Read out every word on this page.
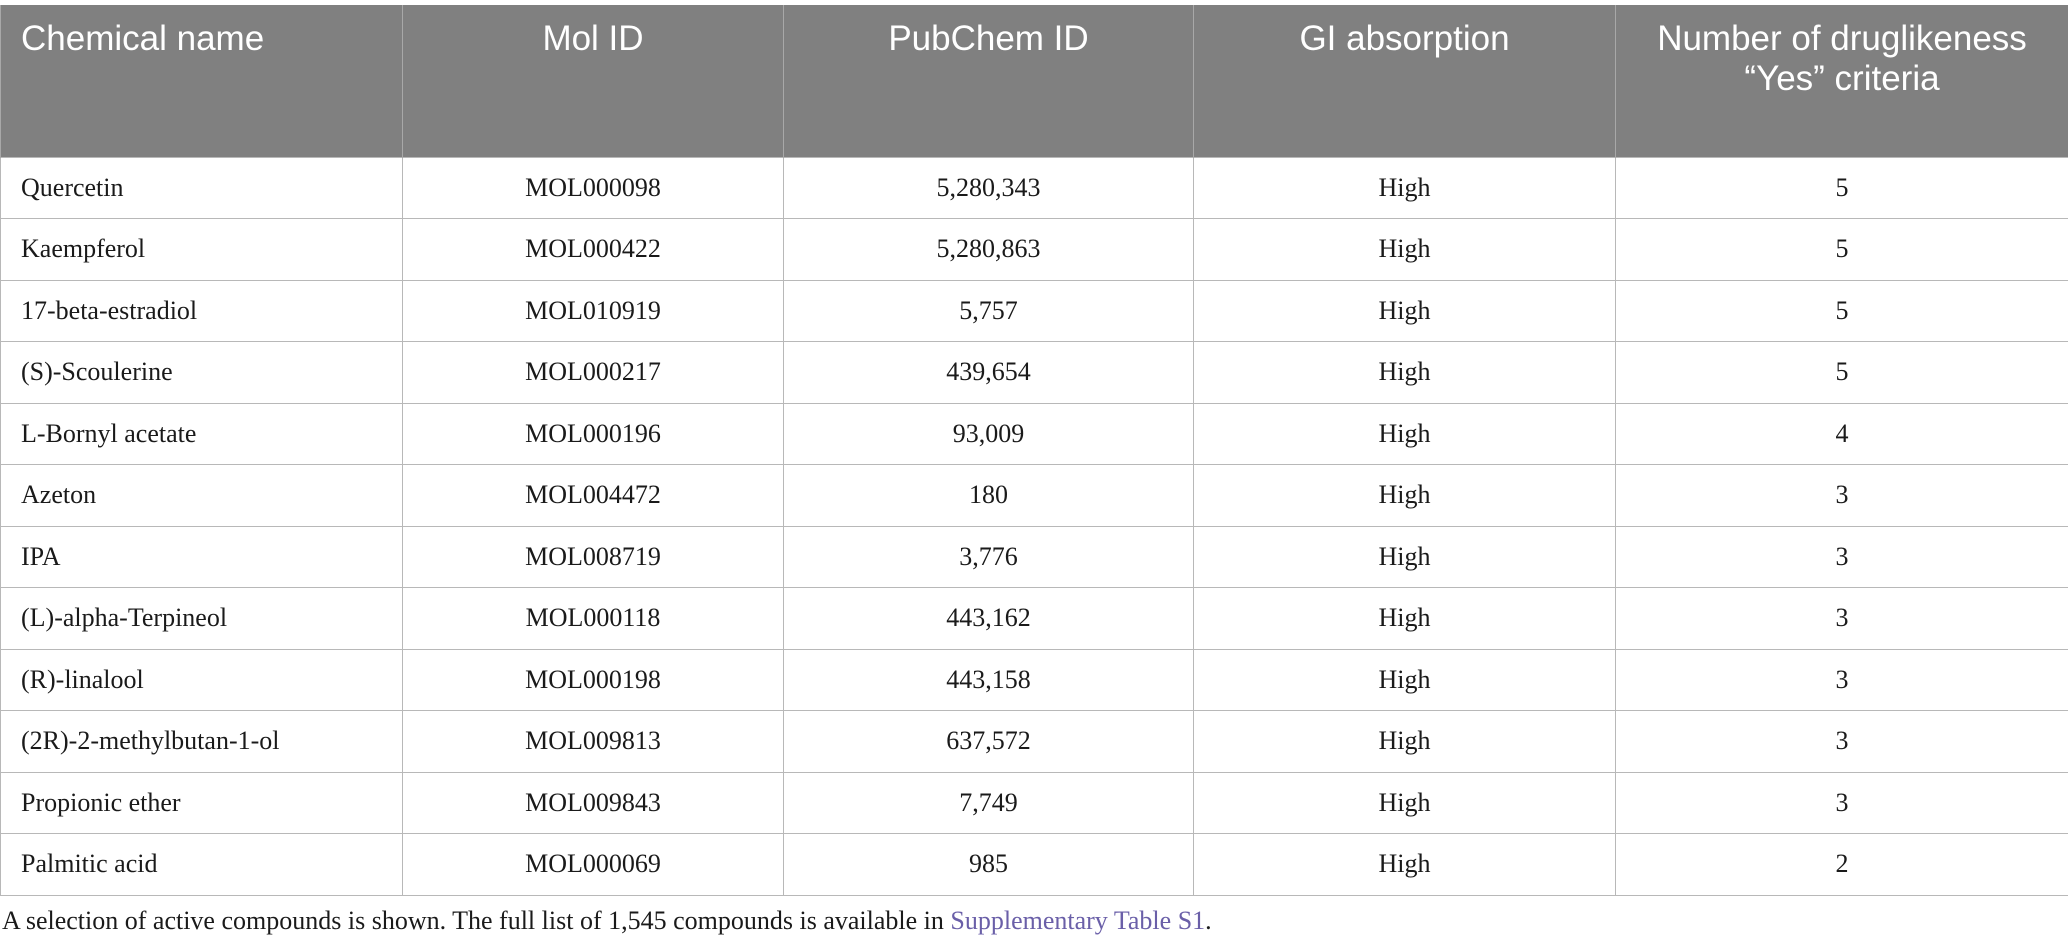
Chemical name	Mol ID	PubChem ID	GI absorption	Number of druglikeness “Yes” criteria
Quercetin	MOL000098	5,280,343	High	5
Kaempferol	MOL000422	5,280,863	High	5
17-beta-estradiol	MOL010919	5,757	High	5
(S)-Scoulerine	MOL000217	439,654	High	5
L-Bornyl acetate	MOL000196	93,009	High	4
Azeton	MOL004472	180	High	3
IPA	MOL008719	3,776	High	3
(L)-alpha-Terpineol	MOL000118	443,162	High	3
(R)-linalool	MOL000198	443,158	High	3
(2R)-2-methylbutan-1-ol	MOL009813	637,572	High	3
Propionic ether	MOL009843	7,749	High	3
Palmitic acid	MOL000069	985	High	2
A selection of active compounds is shown. The full list of 1,545 compounds is available in Supplementary Table S1.
